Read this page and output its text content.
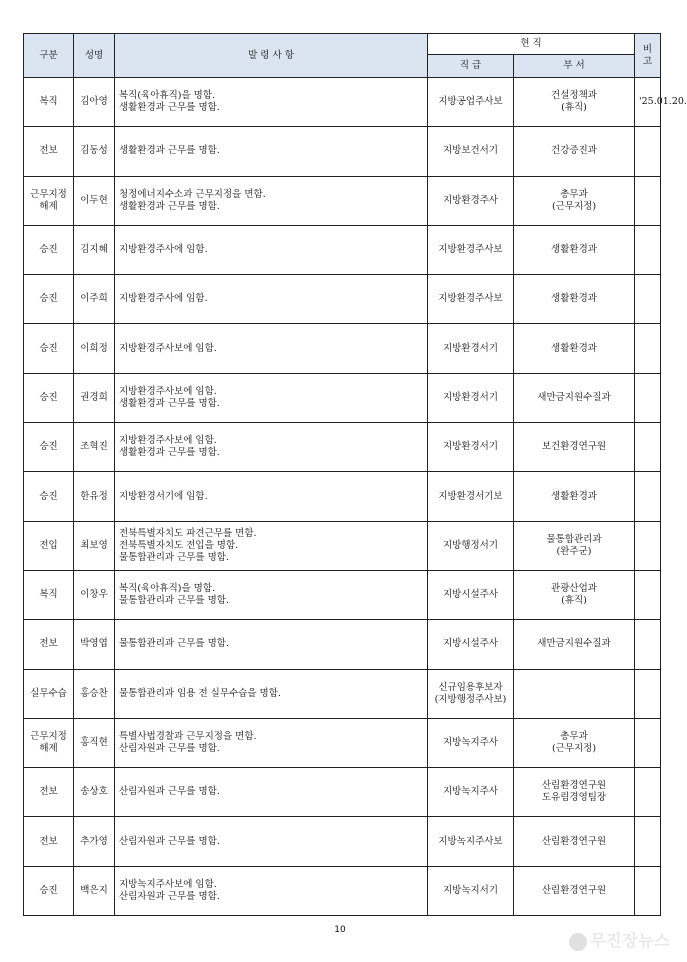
구분	성명	발 령 사 항	현 직		비고
			직 급	부 서	

복직	김아영	복직(육아휴직)을 명함.
생활환경과 근무를 명함.	지방공업주사보	건설정책과
(휴직)	'25.01.20.

전보	김동성	생활환경과 근무를 명함.	지방보건서기	건강증진과	

근무지정
해제	이두현	청정에너지수소과 근무지정을 면함.
생활환경과 근무를 명함.	지방환경주사	총무과
(근무지정)	

승진	김지혜	지방환경주사에 임함.	지방환경주사보	생활환경과	

승진	이주희	지방환경주사에 임함.	지방환경주사보	생활환경과	

승진	이희정	지방환경주사보에 임함.	지방환경서기	생활환경과	

승진	권경희	지방환경주사보에 임함.
생활환경과 근무를 명함.	지방환경서기	새만금지원수질과	

승진	조혁진	지방환경주사보에 임함.
생활환경과 근무를 명함.	지방환경서기	보건환경연구원	

승진	한유정	지방환경서기에 임함.	지방환경서기보	생활환경과	

전입	최보영	전북특별자치도 파견근무를 면함.
전북특별자치도 전입을 명함.
물통합관리과 근무를 명함.	지방행정서기	물통합관리과
(완주군)	

복직	이창우	복직(육아휴직)을 명함.
물통합관리과 근무를 명함.	지방시설주사	관광산업과
(휴직)	

전보	박영엽	물통합관리과 근무를 명함.	지방시설주사	새만금지원수질과	

실무수습	홍승찬	물통합관리과 임용 전 실무수습을 명함.	신규임용후보자
(지방행정주사보)		

근무지정
해제	홍직현	특별사법경찰과 근무지정을 면함.
산림자원과 근무를 명함.	지방녹지주사	총무과
(근무지정)	

전보	송상호	산림자원과 근무를 명함.	지방녹지주사	산림환경연구원
도유림경영팀장	

전보	추가영	산림자원과 근무를 명함.	지방녹지주사보	산림환경연구원	

승진	백은지	지방녹지주사보에 임함.
산림자원과 근무를 명함.	지방녹지서기	산림환경연구원	

10
무진장뉴스
